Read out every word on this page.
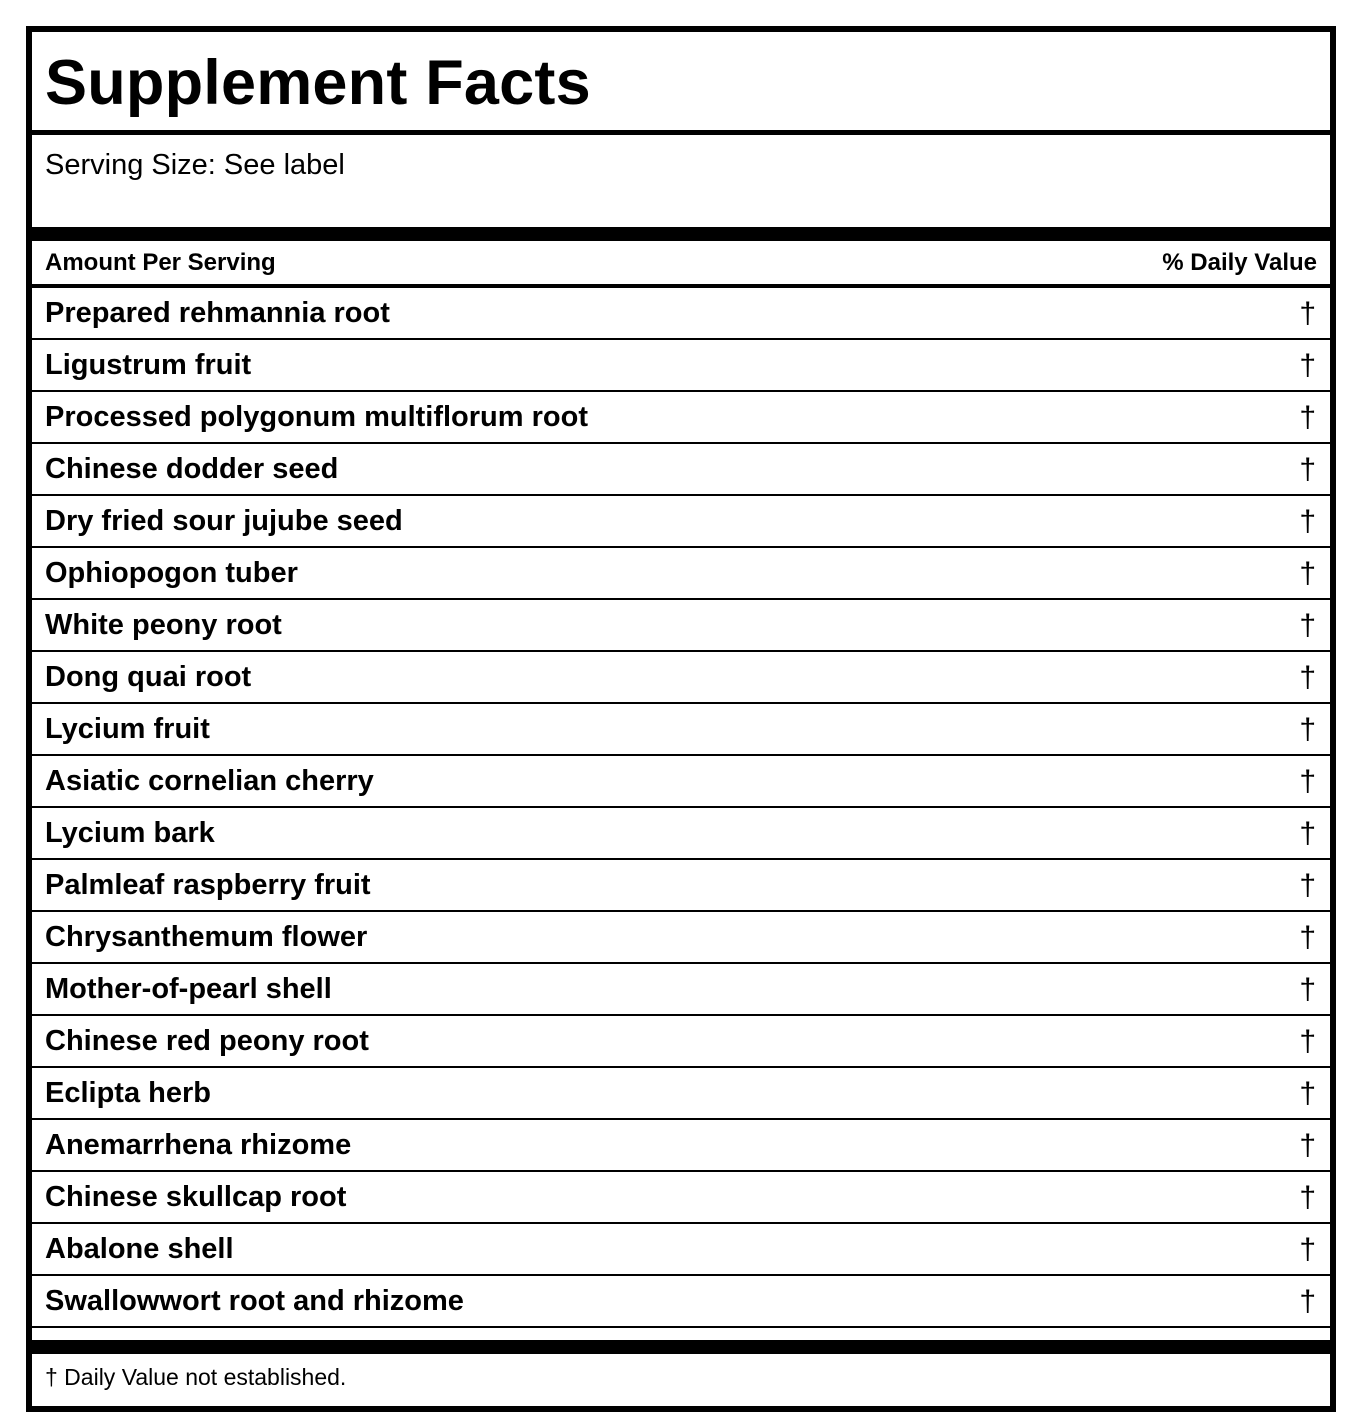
Supplement Facts
Serving Size: See label
Amount Per Serving	% Daily Value
Prepared rehmannia root	†
Ligustrum fruit	†
Processed polygonum multiflorum root	†
Chinese dodder seed	†
Dry fried sour jujube seed	†
Ophiopogon tuber	†
White peony root	†
Dong quai root	†
Lycium fruit	†
Asiatic cornelian cherry	†
Lycium bark	†
Palmleaf raspberry fruit	†
Chrysanthemum flower	†
Mother-of-pearl shell	†
Chinese red peony root	†
Eclipta herb	†
Anemarrhena rhizome	†
Chinese skullcap root	†
Abalone shell	†
Swallowwort root and rhizome	†
† Daily Value not established.
